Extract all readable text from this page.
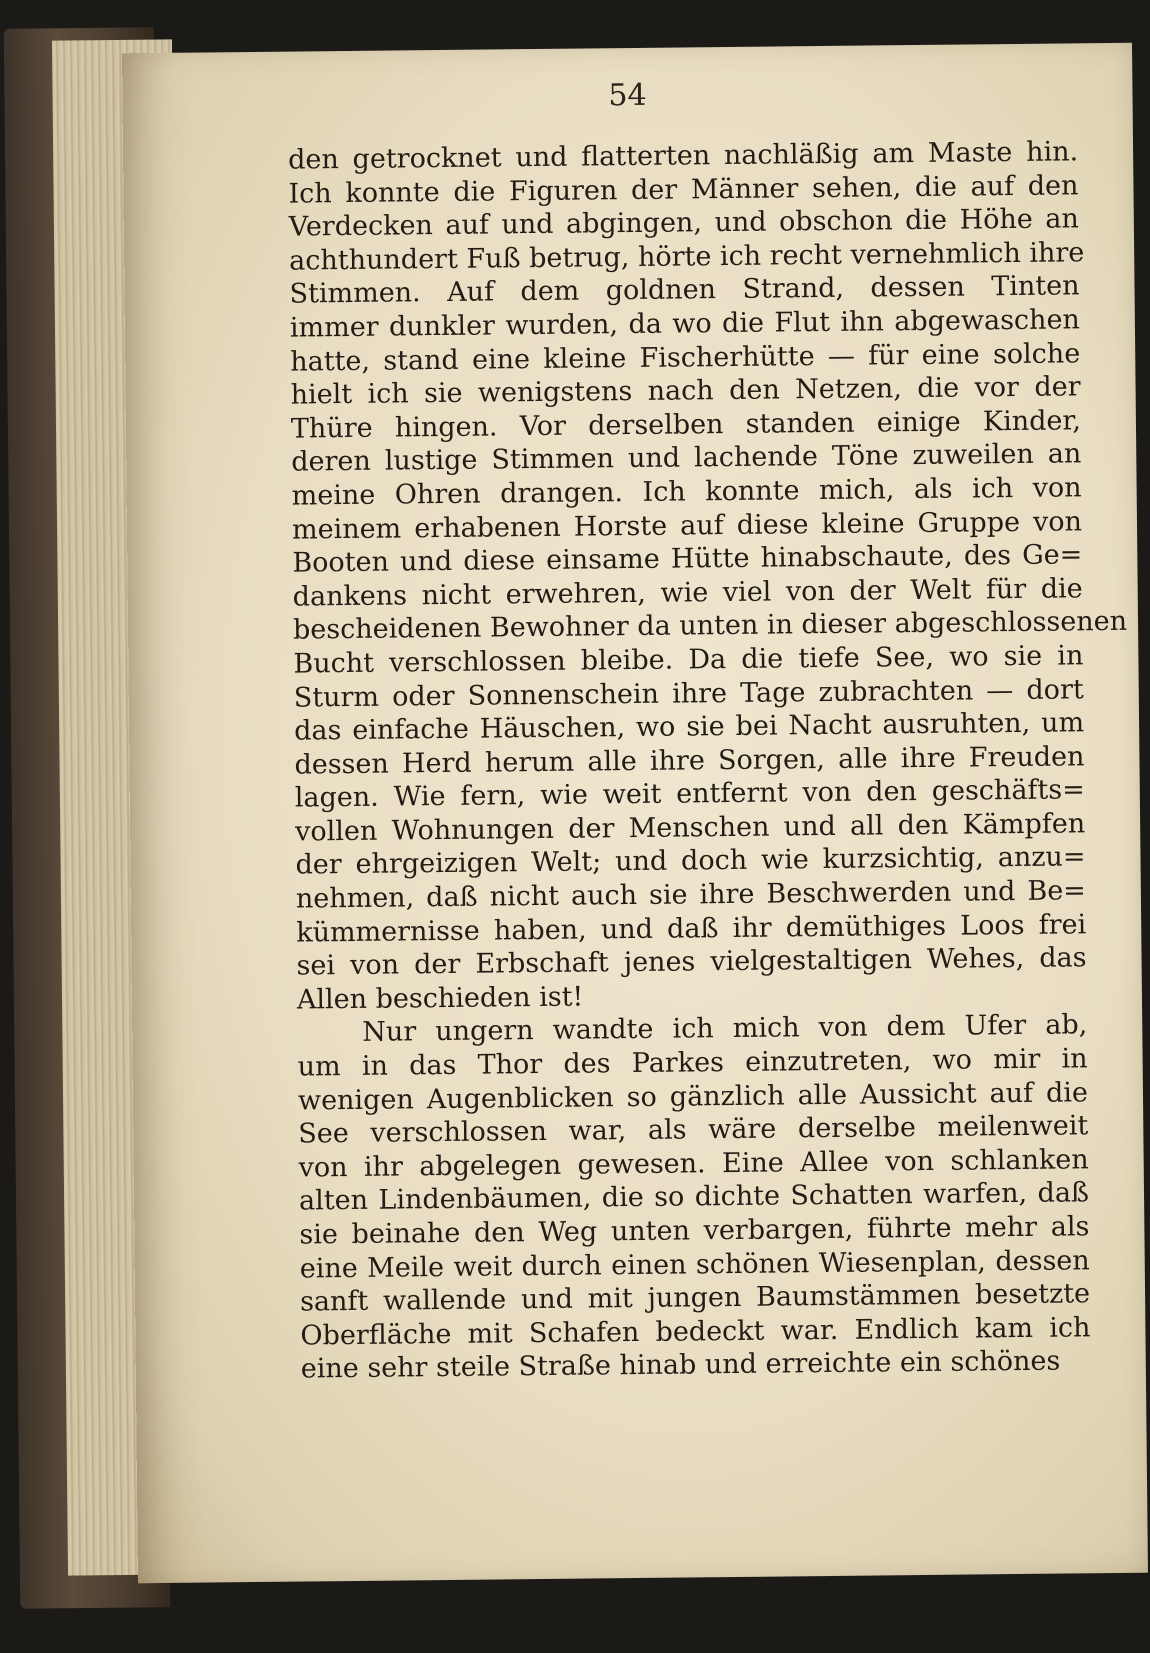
54
den getrocknet und flatterten nachläßig am Maste hin.
Ich konnte die Figuren der Männer sehen, die auf den
Verdecken auf und abgingen, und obschon die Höhe an
achthundert Fuß betrug, hörte ich recht vernehmlich ihre
Stimmen. Auf dem goldnen Strand, dessen Tinten
immer dunkler wurden, da wo die Flut ihn abgewaschen
hatte, stand eine kleine Fischerhütte — für eine solche
hielt ich sie wenigstens nach den Netzen, die vor der
Thüre hingen. Vor derselben standen einige Kinder,
deren lustige Stimmen und lachende Töne zuweilen an
meine Ohren drangen. Ich konnte mich, als ich von
meinem erhabenen Horste auf diese kleine Gruppe von
Booten und diese einsame Hütte hinabschaute, des Ge=
dankens nicht erwehren, wie viel von der Welt für die
bescheidenen Bewohner da unten in dieser abgeschlossenen
Bucht verschlossen bleibe. Da die tiefe See, wo sie in
Sturm oder Sonnenschein ihre Tage zubrachten — dort
das einfache Häuschen, wo sie bei Nacht ausruhten, um
dessen Herd herum alle ihre Sorgen, alle ihre Freuden
lagen. Wie fern, wie weit entfernt von den geschäfts=
vollen Wohnungen der Menschen und all den Kämpfen
der ehrgeizigen Welt; und doch wie kurzsichtig, anzu=
nehmen, daß nicht auch sie ihre Beschwerden und Be=
kümmernisse haben, und daß ihr demüthiges Loos frei
sei von der Erbschaft jenes vielgestaltigen Wehes, das
Allen beschieden ist!
Nur ungern wandte ich mich von dem Ufer ab,
um in das Thor des Parkes einzutreten, wo mir in
wenigen Augenblicken so gänzlich alle Aussicht auf die
See verschlossen war, als wäre derselbe meilenweit
von ihr abgelegen gewesen. Eine Allee von schlanken
alten Lindenbäumen, die so dichte Schatten warfen, daß
sie beinahe den Weg unten verbargen, führte mehr als
eine Meile weit durch einen schönen Wiesenplan, dessen
sanft wallende und mit jungen Baumstämmen besetzte
Oberfläche mit Schafen bedeckt war. Endlich kam ich
eine sehr steile Straße hinab und erreichte ein schönes
